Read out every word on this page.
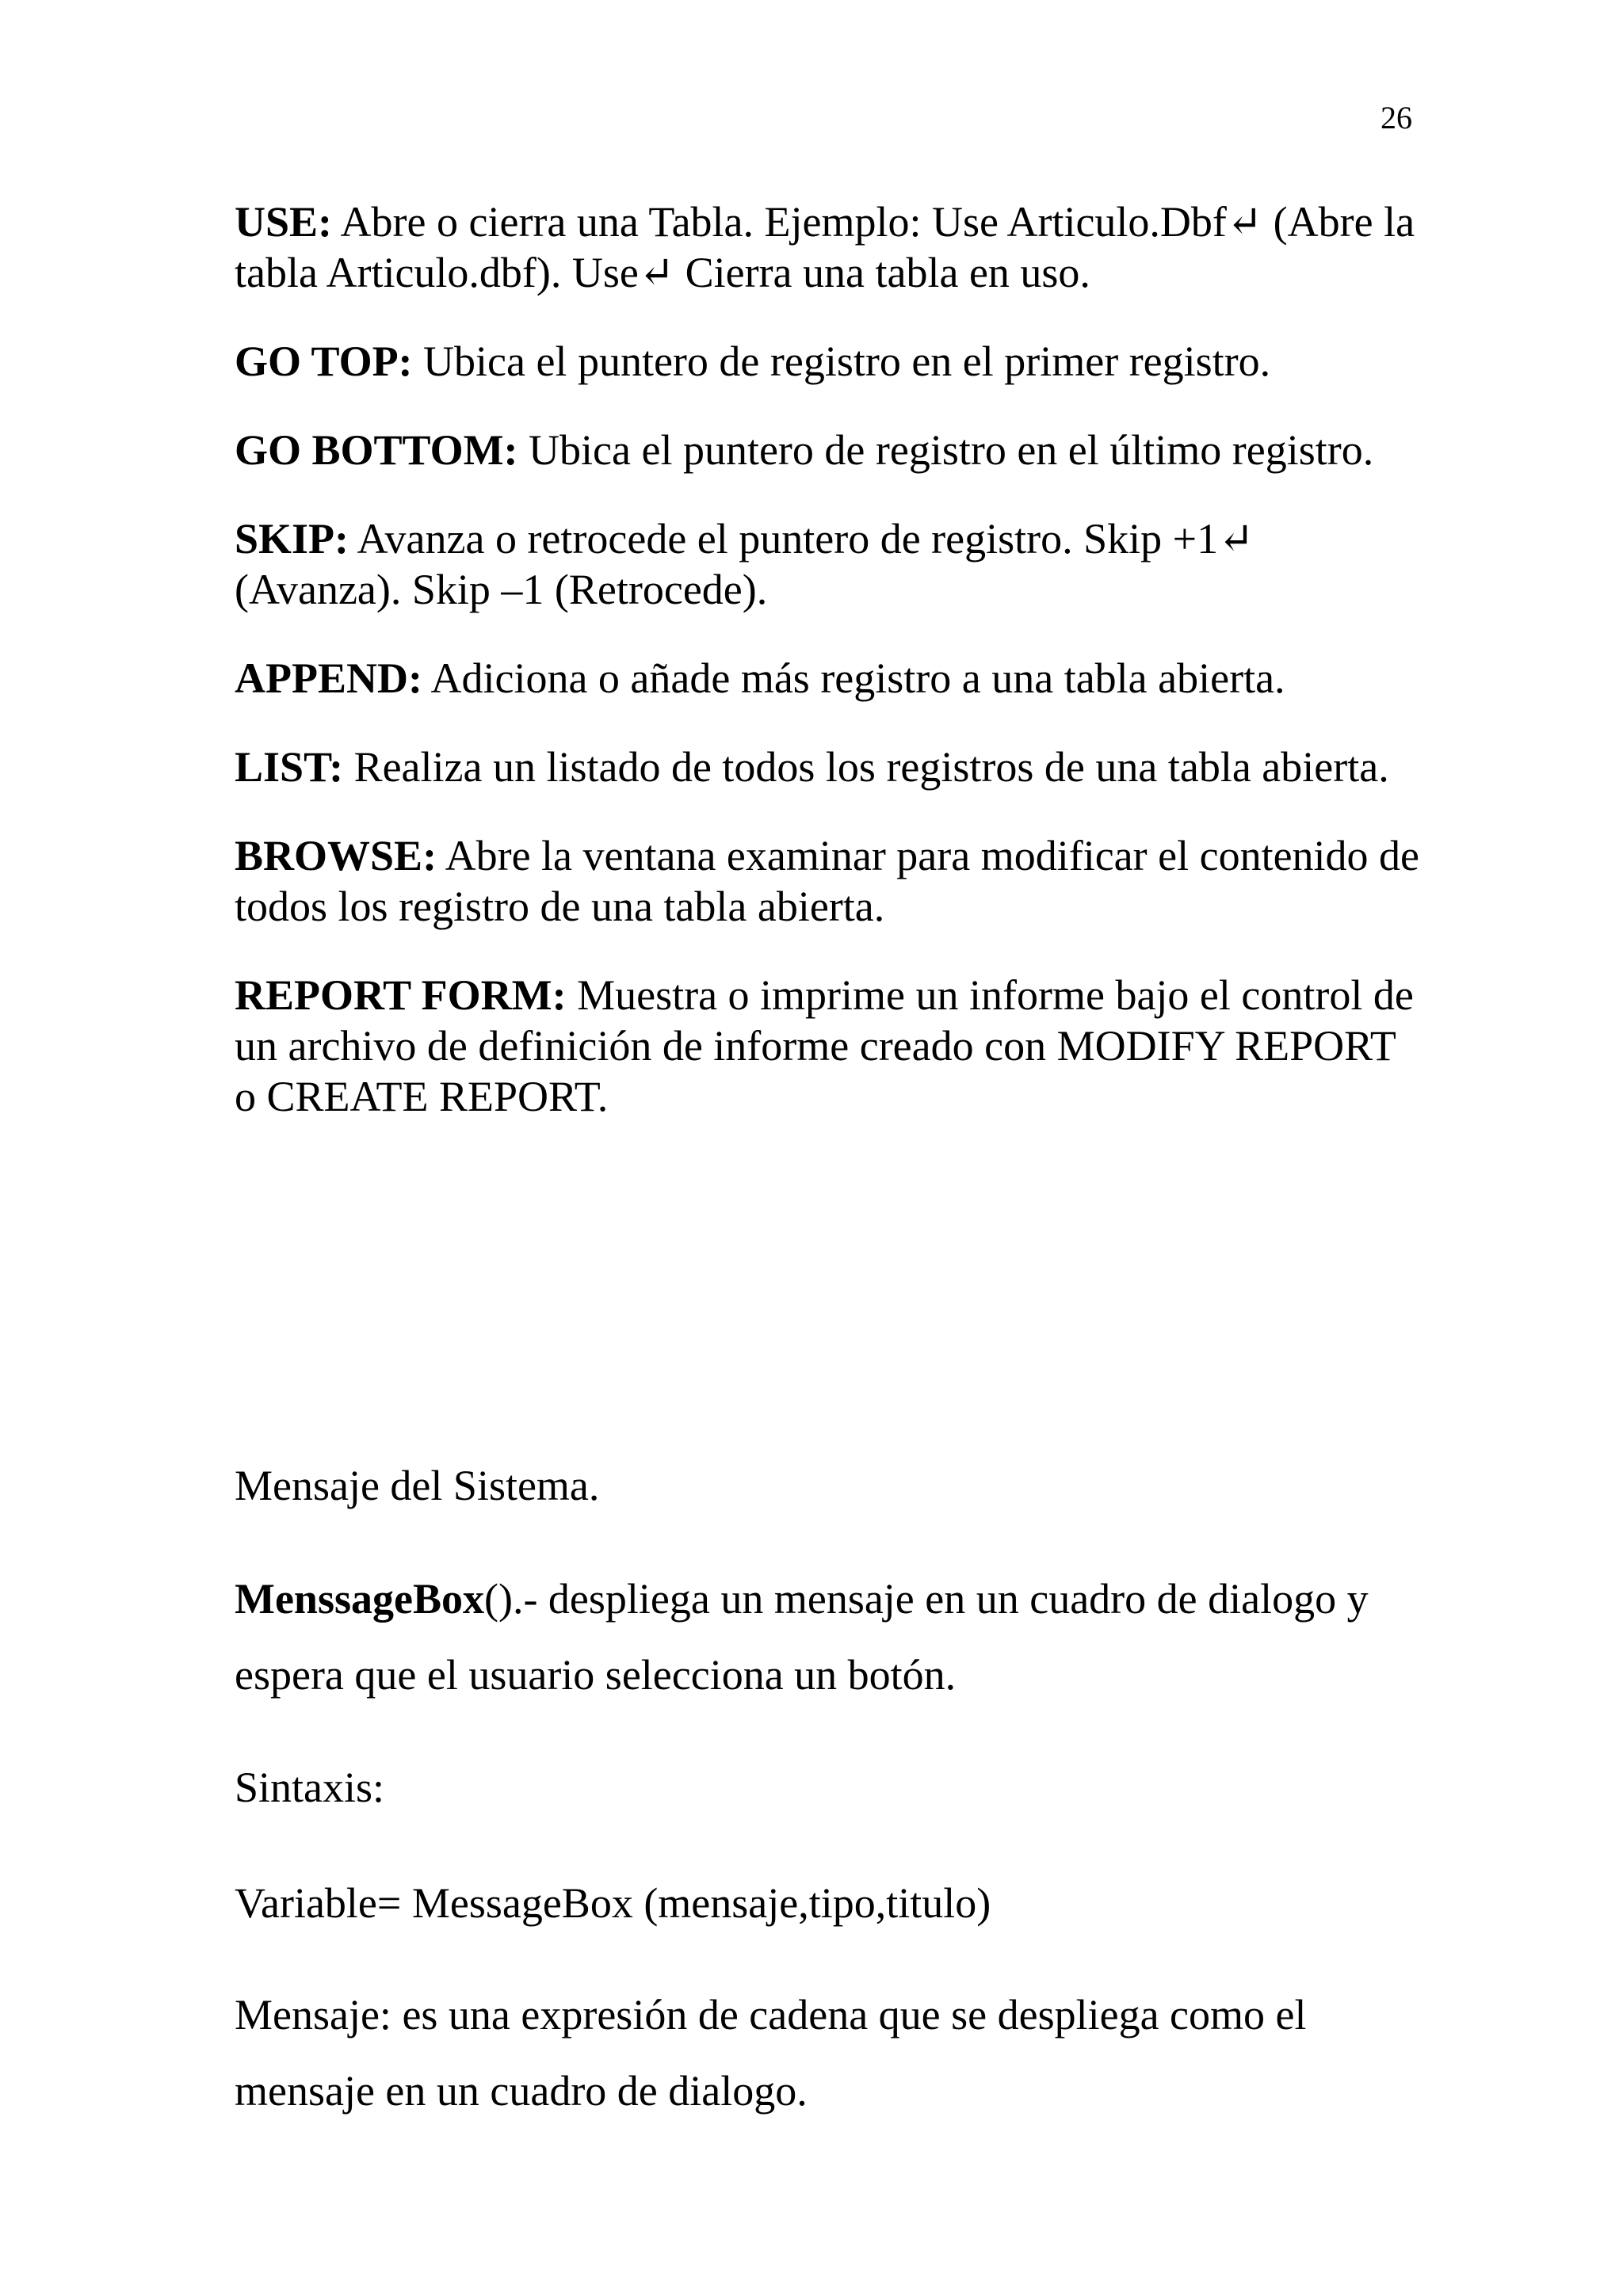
26

USE: Abre o cierra una Tabla. Ejemplo: Use Articulo.Dbf↵ (Abre la tabla Articulo.dbf). Use↵ Cierra una tabla en uso.

GO TOP: Ubica el puntero de registro en el primer registro.

GO BOTTOM: Ubica el puntero de registro en el último registro.

SKIP: Avanza o retrocede el puntero de registro. Skip +1↵ (Avanza). Skip –1 (Retrocede).

APPEND: Adiciona o añade más registro a una tabla abierta.

LIST: Realiza un listado de todos los registros de una tabla abierta.

BROWSE: Abre la ventana examinar para modificar el contenido de todos los registro de una tabla abierta.

REPORT FORM: Muestra o imprime un informe bajo el control de un archivo de definición de informe creado con MODIFY REPORT o CREATE REPORT.

Mensaje del Sistema.

MenssageBox().- despliega un mensaje en un cuadro de dialogo y espera que el usuario selecciona un botón.

Sintaxis:

Variable= MessageBox (mensaje,tipo,titulo)

Mensaje: es una expresión de cadena que se despliega como el mensaje en un cuadro de dialogo.
